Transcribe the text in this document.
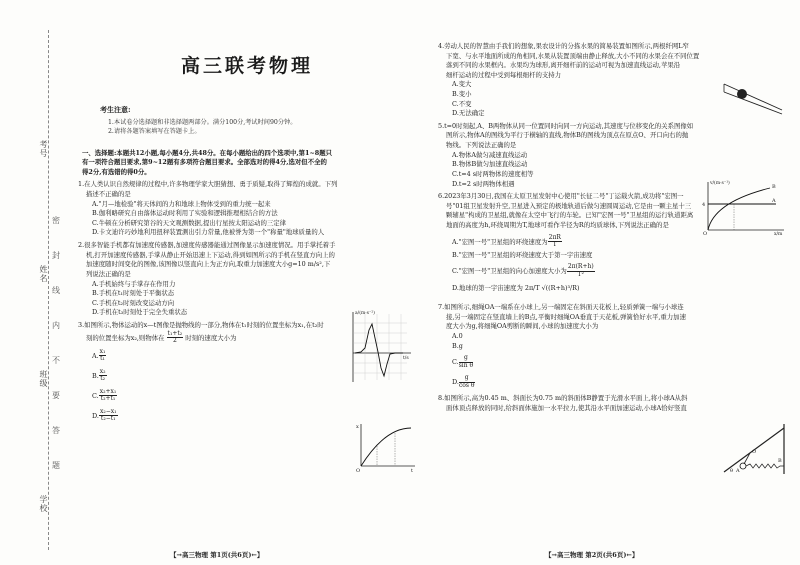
考号
姓名
班级
学校
密
封
线
内
不
要
答
题
高三联考物理
考生注意:
1.本试卷分选择题和非选择题两部分。满分100分,考试时间90分钟。
2.请将各题答案填写在答题卡上。
一、选择题:本题共12小题,每小题4分,共48分。在每小题给出的四个选项中,第1~8题只
有一项符合题目要求,第9~12题有多项符合题目要求。全部选对的得4分,选对但不全的
得2分,有选错的得0分。
1.在人类认识自然规律的过程中,许多物理学家大胆猜想、勇于质疑,取得了辉煌的成就。下列
描述不正确的是
A."月—地检验"将天体间的力和地球上物体受到的重力统一起来
B.伽利略研究自由落体运动时利用了实验和逻辑推理相结合的方法
C.牛顿在分析研究第谷的天文观测数据,提出行星按太阳运动的三定律
D.卡文迪许巧妙地利用扭秤装置测出引力常量,他被誉为第一个"称量"地球质量的人
2.很多智能手机都有加速度传感器,加速度传感器能通过图像显示加速度情况。用手掌托着手
机,打开加速度传感器,手掌从静止开始迅速上下运动,得到如图所示的手机在竖直方向上的
加速度随时间变化的图像,该图像以竖直向上为正方向,取重力加速度大小g=10 m/s²,下
列说法正确的是
A.手机始终与手掌存在作用力
B.手机在t₁时刻处于平衡状态
C.手机在t₂时刻改变运动方向
D.手机在t₃时刻处于完全失重状态
3.如图所示,物体运动的x—t图像是抛物线的一部分,物体在t₁时刻的位置坐标为x₁,在t₂时
刻的位置坐标为x₂,则物体在 $\frac{\text{t₁+t₂}}{2}$ 时刻的速度大小为
A. $\frac{\text{x₁}}{\text{t₁}}$
B. $\frac{\text{x₂}}{\text{t₂}}$
C. $\frac{\text{x₂+x₁}}{\text{t₂+t₁}}$
D. $\frac{\text{x₂−x₁}}{\text{t₂−t₁}}$
a/(m·s⁻²)
t/s
x
t
O
【→高三物理 第1页(共6页)←】
4.劳动人民的智慧由手我们的想象,果农设计的分拣水果的简易装置如图所示,两根纤网L窄
下宽、与水平地面所成的角相同,水果从装置顶端由静止释放,大小不同的水果会在不同位置
落到不同的水果框内。水果均为球形,离开细杆前的运动可视为加速直线运动,苹果沿
细杆运动的过程中受到每根细杆的支持力
A.变大
B.变小
C.不变
D.无法确定
5.t=0时刻起,A、B两物体从同一位置同时向同一方向运动,其速度与位移变化的关系图像如
图所示,物体A的图线为平行于横轴的直线,物体B的图线为顶点在原点O、开口向右的抛
物线。下列说法正确的是
A.物体A做匀减速直线运动
B.物体B做匀加速直线运动
C.t=4 s时两物体的速度相等
D.t=2 s时两物体相遇
6.2023年3月30日,我国在太原卫星发射中心使用"长征二号"丁运载火箭,成功将"宏图一
号"01组卫星发射升空,卫星进入预定的极地轨道后做匀速圆周运动,它是由一颗主星十三
颗辅星"构成的卫星组,就像在太空中飞行的车轮。已知"宏图一号"卫星组的运行轨道距离
地面的高度为h,环绕周期为T,地球可看作半径为R的均质球体,下列说法正确的是
A."宏图一号"卫星组的环绕速度为 $\frac{2\pi R}{T}$
B."宏图一号"卫星组的环绕速度大于第一宇宙速度
C."宏图一号"卫星组的向心加速度大小为 $\frac{2\pi(R+h)}{\text{T²}}$
D.地球的第一宇宙速度为 2π/T √((R+h)³/R)
7.如图所示,细绳OA一端系在小球上,另一端固定在斜面天花板上,轻质弹簧一端与小球连
接,另一端固定在竖直墙上的B点,平衡时细绳OA垂直于天花板,弹簧恰好水平,重力加速
度大小为g,将细绳OA剪断的瞬间,小球的加速度大小为
A.0
B.g
C. $\frac{g}{\text{sin θ}}$
D. $\frac{g}{\text{cos θ}}$
8.如图所示,高为0.45 m、斜面长为0.75 m的斜面体B静置于光滑水平面上,将小球A从斜
面体顶点释放的同时,给斜面体施加一水平拉力,使其沿水平面加速运动,小球A恰好竖直
v/(m·s⁻¹)
x/m
B
A
4
O
O
A
B
θ
【→高三物理 第2页(共6页)←】
